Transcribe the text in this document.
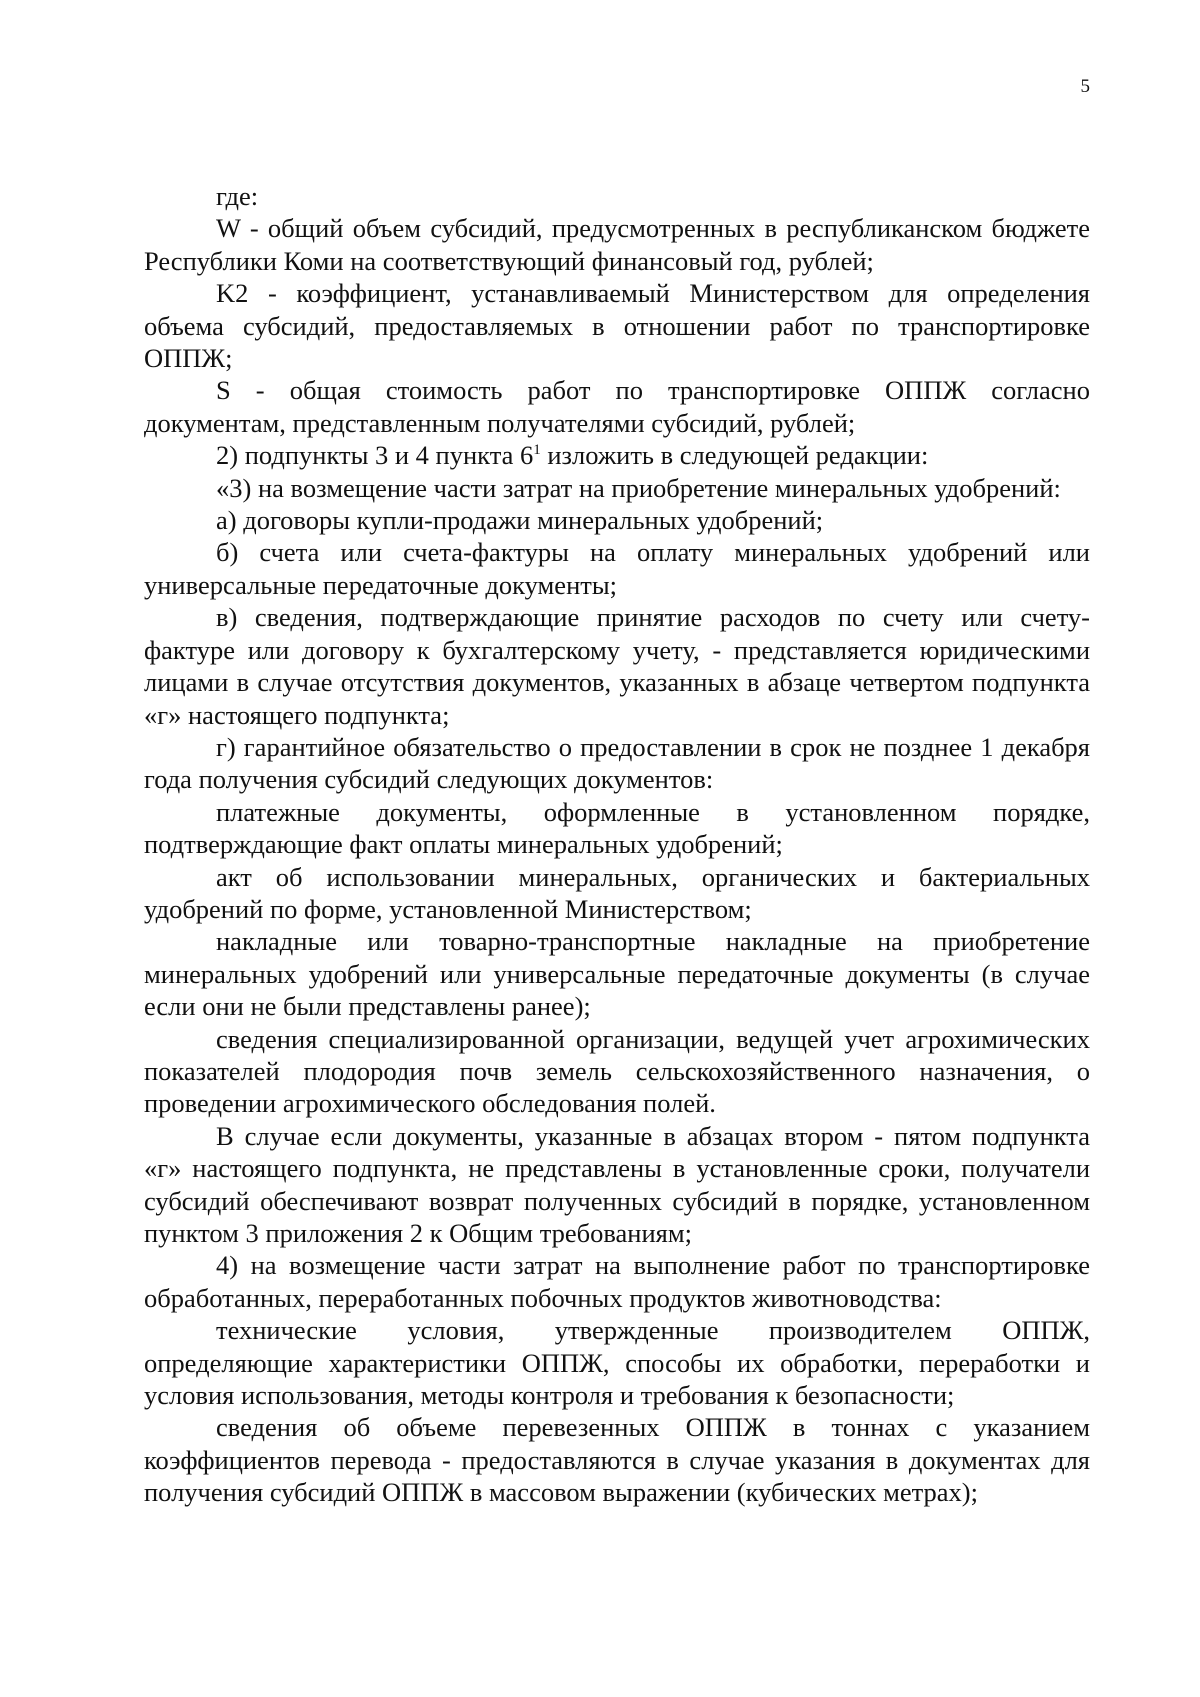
5

где:

W - общий объем субсидий, предусмотренных в республиканском бюджете Республики Коми на соответствующий финансовый год, рублей;

K2 - коэффициент, устанавливаемый Министерством для определения объема субсидий, предоставляемых в отношении работ по транспортировке ОППЖ;

S - общая стоимость работ по транспортировке ОППЖ согласно документам, представленным получателями субсидий, рублей;

2) подпункты 3 и 4 пункта $6^1$ изложить в следующей редакции:

«3) на возмещение части затрат на приобретение минеральных удобрений:

а) договоры купли-продажи минеральных удобрений;

б) счета или счета-фактуры на оплату минеральных удобрений или универсальные передаточные документы;

в) сведения, подтверждающие принятие расходов по счету или счету-фактуре или договору к бухгалтерскому учету, - представляется юридическими лицами в случае отсутствия документов, указанных в абзаце четвертом подпункта «г» настоящего подпункта;

г) гарантийное обязательство о предоставлении в срок не позднее 1 декабря года получения субсидий следующих документов:

платежные документы, оформленные в установленном порядке, подтверждающие факт оплаты минеральных удобрений;

акт об использовании минеральных, органических и бактериальных удобрений по форме, установленной Министерством;

накладные или товарно-транспортные накладные на приобретение минеральных удобрений или универсальные передаточные документы (в случае если они не были представлены ранее);

сведения специализированной организации, ведущей учет агрохимических показателей плодородия почв земель сельскохозяйственного назначения, о проведении агрохимического обследования полей.

В случае если документы, указанные в абзацах втором - пятом подпункта «г» настоящего подпункта, не представлены в установленные сроки, получатели субсидий обеспечивают возврат полученных субсидий в порядке, установленном пунктом 3 приложения 2 к Общим требованиям;

4) на возмещение части затрат на выполнение работ по транспортировке обработанных, переработанных побочных продуктов животноводства:

технические условия, утвержденные производителем ОППЖ, определяющие характеристики ОППЖ, способы их обработки, переработки и условия использования, методы контроля и требования к безопасности;

сведения об объеме перевезенных ОППЖ в тоннах с указанием коэффициентов перевода - предоставляются в случае указания в документах для получения субсидий ОППЖ в массовом выражении (кубических метрах);
